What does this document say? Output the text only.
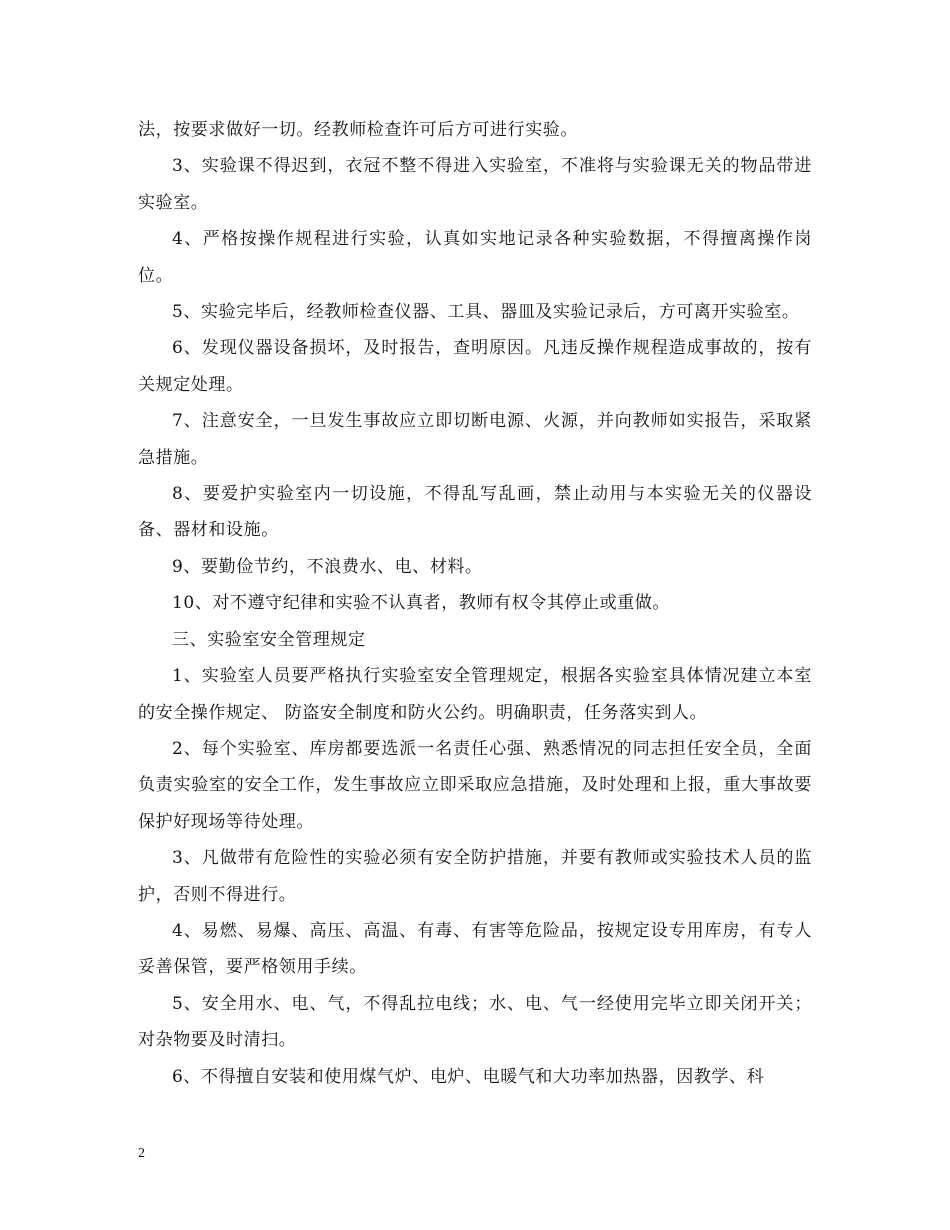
法，按要求做好一切。经教师检查许可后方可进行实验。

3、实验课不得迟到，衣冠不整不得进入实验室，不准将与实验课无关的物品带进实验室。

4、严格按操作规程进行实验，认真如实地记录各种实验数据，不得擅离操作岗位。

5、实验完毕后，经教师检查仪器、工具、器皿及实验记录后，方可离开实验室。

6、发现仪器设备损坏，及时报告，查明原因。凡违反操作规程造成事故的，按有关规定处理。

7、注意安全，一旦发生事故应立即切断电源、火源，并向教师如实报告，采取紧急措施。

8、要爱护实验室内一切设施，不得乱写乱画，禁止动用与本实验无关的仪器设备、器材和设施。

9、要勤俭节约，不浪费水、电、材料。

10、对不遵守纪律和实验不认真者，教师有权令其停止或重做。

三、实验室安全管理规定

1、实验室人员要严格执行实验室安全管理规定，根据各实验室具体情况建立本室的安全操作规定、 防盗安全制度和防火公约。明确职责，任务落实到人。

2、每个实验室、库房都要选派一名责任心强、熟悉情况的同志担任安全员，全面负责实验室的安全工作，发生事故应立即采取应急措施，及时处理和上报，重大事故要保护好现场等待处理。

3、凡做带有危险性的实验必须有安全防护措施，并要有教师或实验技术人员的监护，否则不得进行。

4、易燃、易爆、高压、高温、有毒、有害等危险品，按规定设专用库房，有专人妥善保管，要严格领用手续。

5、安全用水、电、气，不得乱拉电线；水、电、气一经使用完毕立即关闭开关；对杂物要及时清扫。

6、不得擅自安装和使用煤气炉、电炉、电暖气和大功率加热器，因教学、科

2
